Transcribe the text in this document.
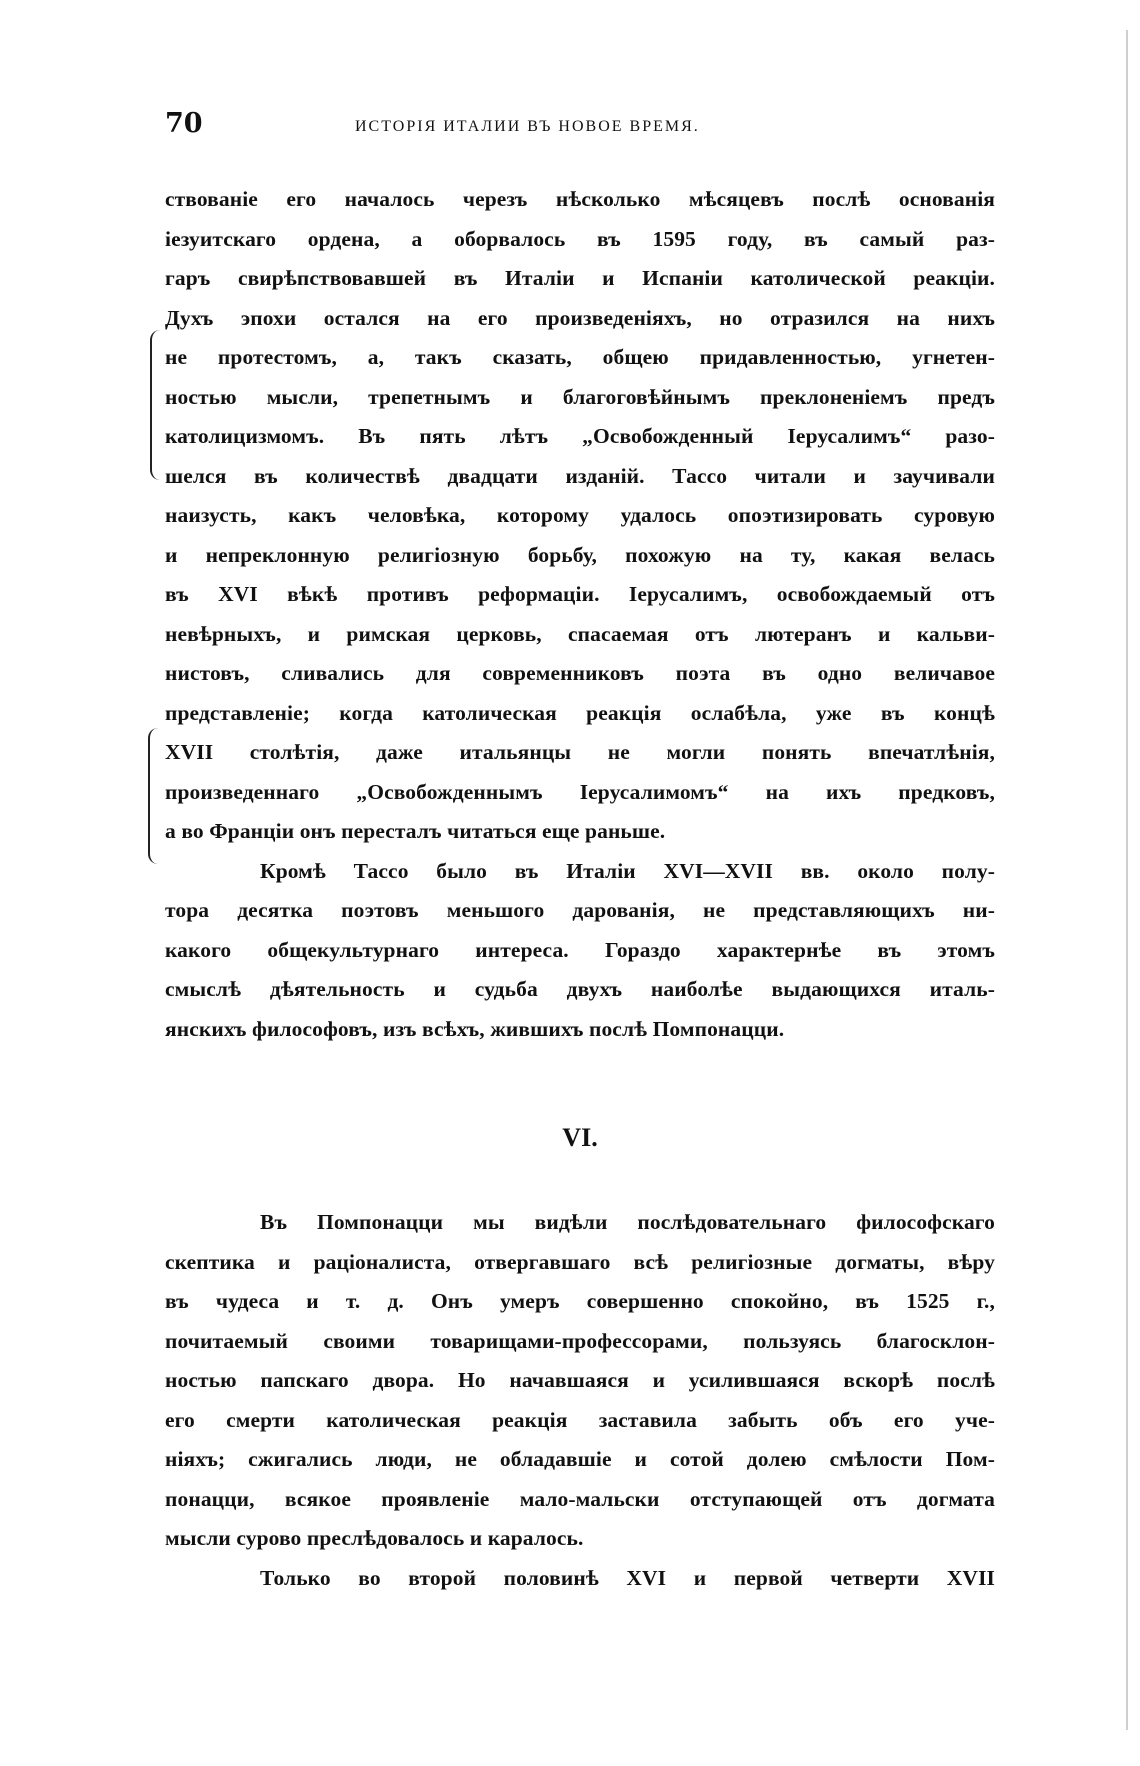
70	ИСТОРІЯ ИТАЛИИ ВЪ НОВОЕ ВРЕМЯ.
ствованіе его началось черезъ нѣсколько мѣсяцевъ послѣ основанія
іезуитскаго ордена, а оборвалось въ 1595 году, въ самый раз-
гаръ свирѣпствовавшей въ Италіи и Испаніи католической реакціи.
Духъ эпохи остался на его произведеніяхъ, но отразился на нихъ
не протестомъ, а, такъ сказать, общею придавленностью, угнетен-
ностью мысли, трепетнымъ и благоговѣйнымъ преклоненіемъ предъ
католицизмомъ. Въ пять лѣтъ „Освобожденный Іерусалимъ“ разо-
шелся въ количествѣ двадцати изданій. Тассо читали и заучивали
наизусть, какъ человѣка, которому удалось опоэтизировать суровую
и непреклонную религіозную борьбу, похожую на ту, какая велась
въ XVI вѣкѣ противъ реформаціи. Іерусалимъ, освобождаемый отъ
невѣрныхъ, и римская церковь, спасаемая отъ лютеранъ и кальви-
нистовъ, сливались для современниковъ поэта въ одно величавое
представленіе; когда католическая реакція ослабѣла, уже въ концѣ
XVII столѣтія, даже итальянцы не могли понять впечатлѣнія,
произведеннаго „Освобожденнымъ Іерусалимомъ“ на ихъ предковъ,
а во Франціи онъ пересталъ читаться еще раньше.
Кромѣ Тассо было въ Италіи XVI—XVII вв. около полу-
тора десятка поэтовъ меньшого дарованія, не представляющихъ ни-
какого общекультурнаго интереса. Гораздо характернѣе въ этомъ
смыслѣ дѣятельность и судьба двухъ наиболѣе выдающихся италь-
янскихъ философовъ, изъ всѣхъ, жившихъ послѣ Помпонацци.
VI.
Въ Помпонацци мы видѣли послѣдовательнаго философскаго
скептика и раціоналиста, отвергавшаго всѣ религіозные догматы, вѣру
въ чудеса и т. д. Онъ умеръ совершенно спокойно, въ 1525 г.,
почитаемый своими товарищами-профессорами, пользуясь благосклон-
ностью папскаго двора. Но начавшаяся и усилившаяся вскорѣ послѣ
его смерти католическая реакція заставила забыть объ его уче-
ніяхъ; сжигались люди, не обладавшіе и сотой долею смѣлости Пом-
понацци, всякое проявленіе мало-мальски отступающей отъ догмата
мысли сурово преслѣдовалось и каралось.
Только во второй половинѣ XVI и первой четверти XVII
